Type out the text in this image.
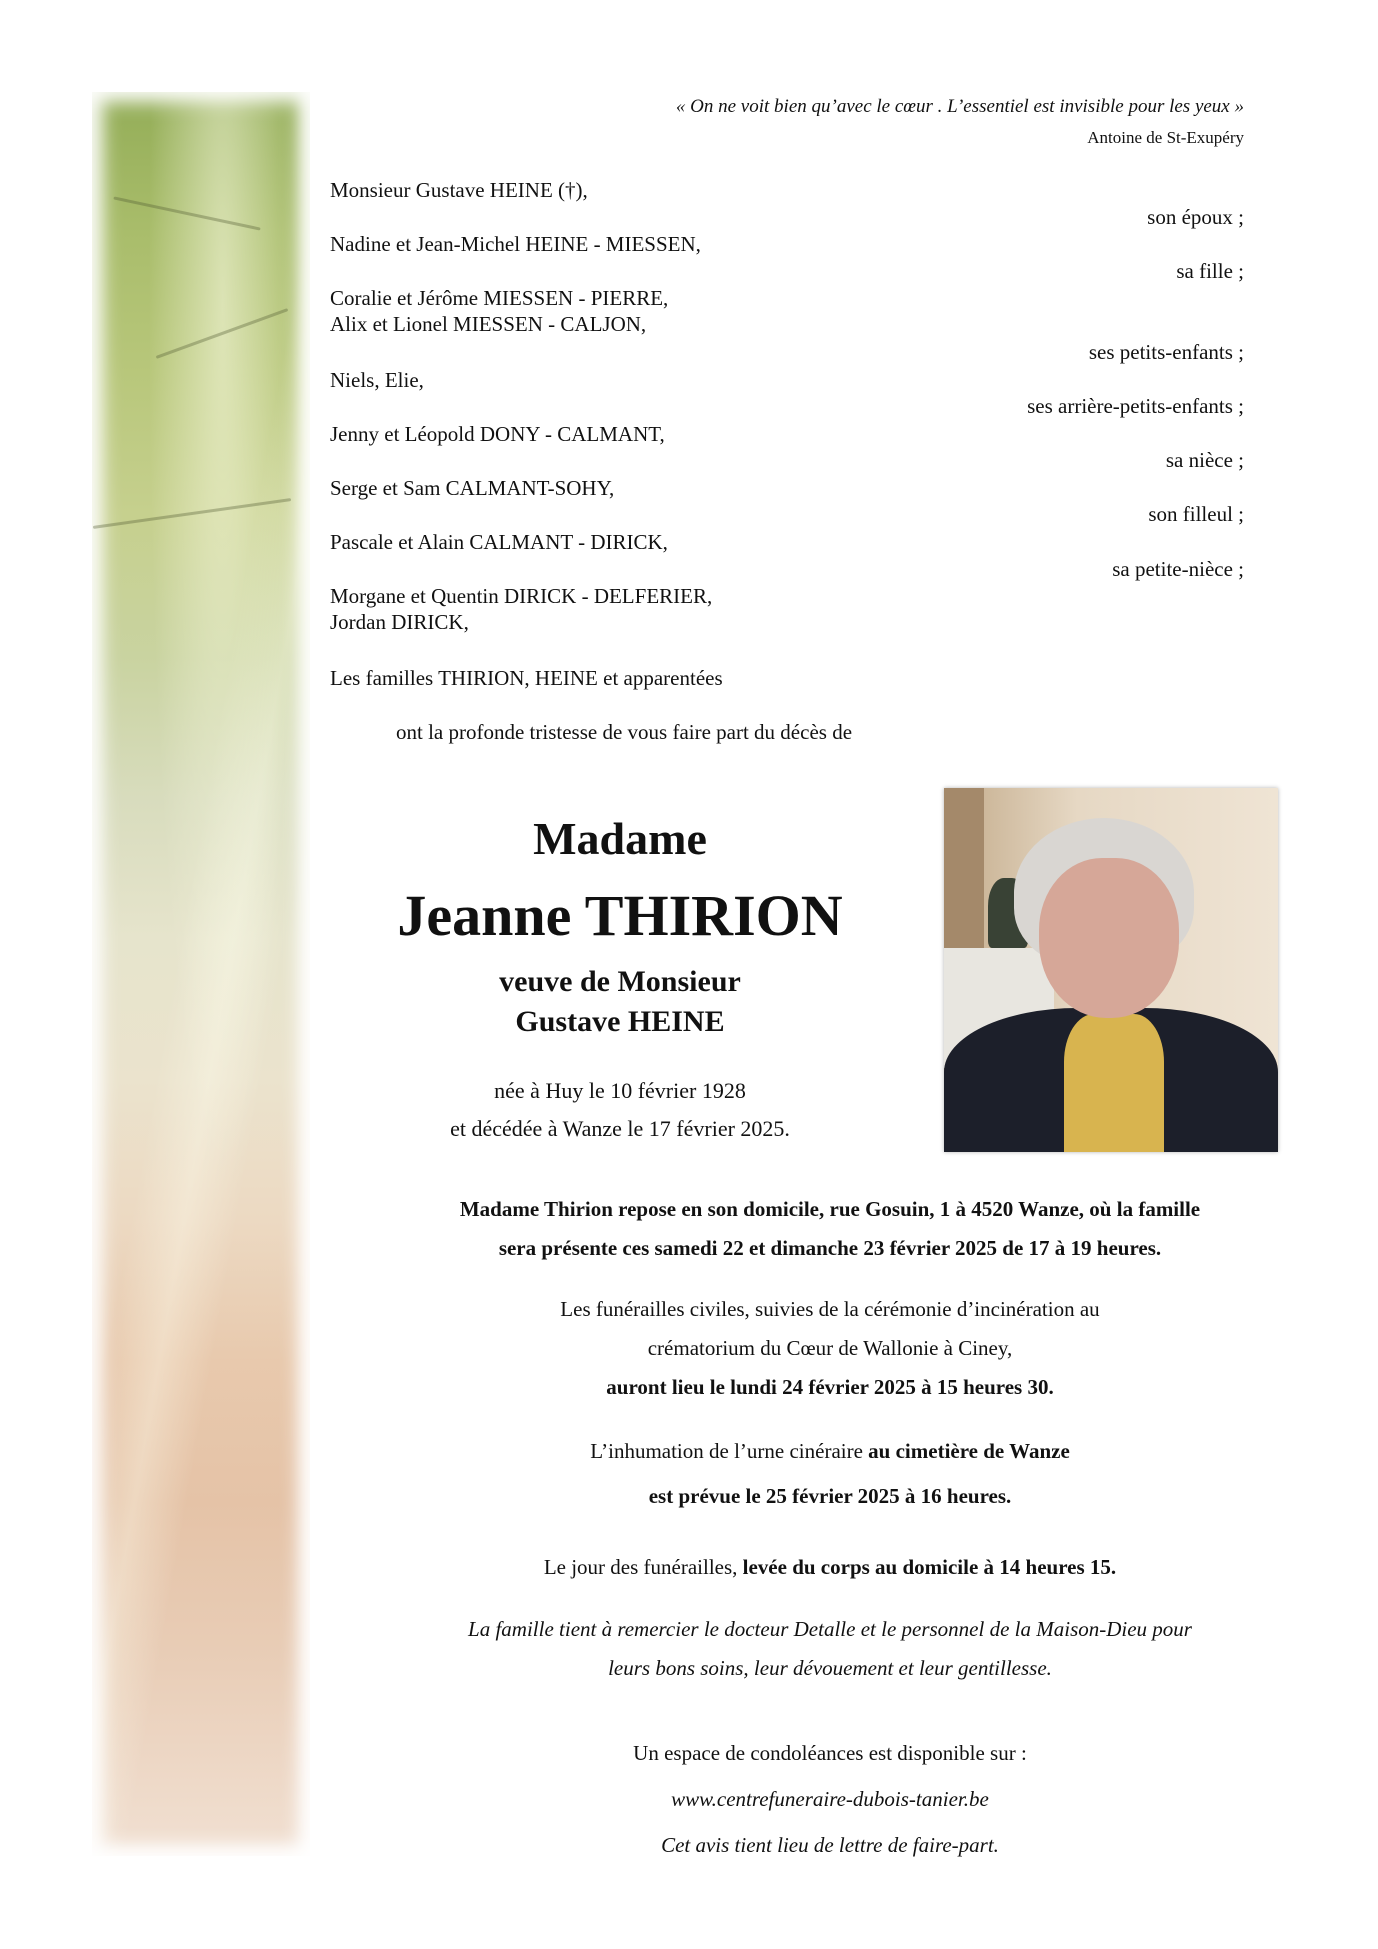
« On ne voit bien qu’avec le cœur . L’essentiel est invisible pour les yeux »
Antoine de St-Exupéry
Monsieur Gustave HEINE (†),
Nadine et Jean-Michel HEINE - MIESSEN,
Coralie et Jérôme MIESSEN - PIERRE,
Alix et Lionel MIESSEN - CALJON,
Niels, Elie,
Jenny et Léopold DONY - CALMANT,
Serge et Sam CALMANT-SOHY,
Pascale et Alain CALMANT - DIRICK,
Morgane et Quentin DIRICK - DELFERIER,
Jordan DIRICK,
Les familles THIRION, HEINE et apparentées
son époux ;
sa fille ;
ses petits-enfants ;
ses arrière-petits-enfants ;
sa nièce ;
son filleul ;
sa petite-nièce ;
ont la profonde tristesse de vous faire part du décès de
Madame
Jeanne THIRION
veuve de Monsieur
Gustave HEINE
née à Huy le 10 février 1928
et décédée à Wanze le 17 février 2025.
Madame Thirion repose en son domicile, rue Gosuin, 1 à 4520 Wanze, où la famille
sera présente ces samedi 22 et dimanche 23 février 2025 de 17 à 19 heures.
Les funérailles civiles, suivies de la cérémonie d’incinération au
crématorium du Cœur de Wallonie à Ciney,
auront lieu le lundi 24 février 2025 à 15 heures 30.
L’inhumation de l’urne cinéraire au cimetière de Wanze
est prévue le 25 février 2025 à 16 heures.
Le jour des funérailles, levée du corps au domicile à 14 heures 15.
La famille tient à remercier le docteur Detalle et le personnel de la Maison-Dieu pour
leurs bons soins, leur dévouement et leur gentillesse.
Un espace de condoléances est disponible sur :
www.centrefuneraire-dubois-tanier.be
Cet avis tient lieu de lettre de faire-part.
